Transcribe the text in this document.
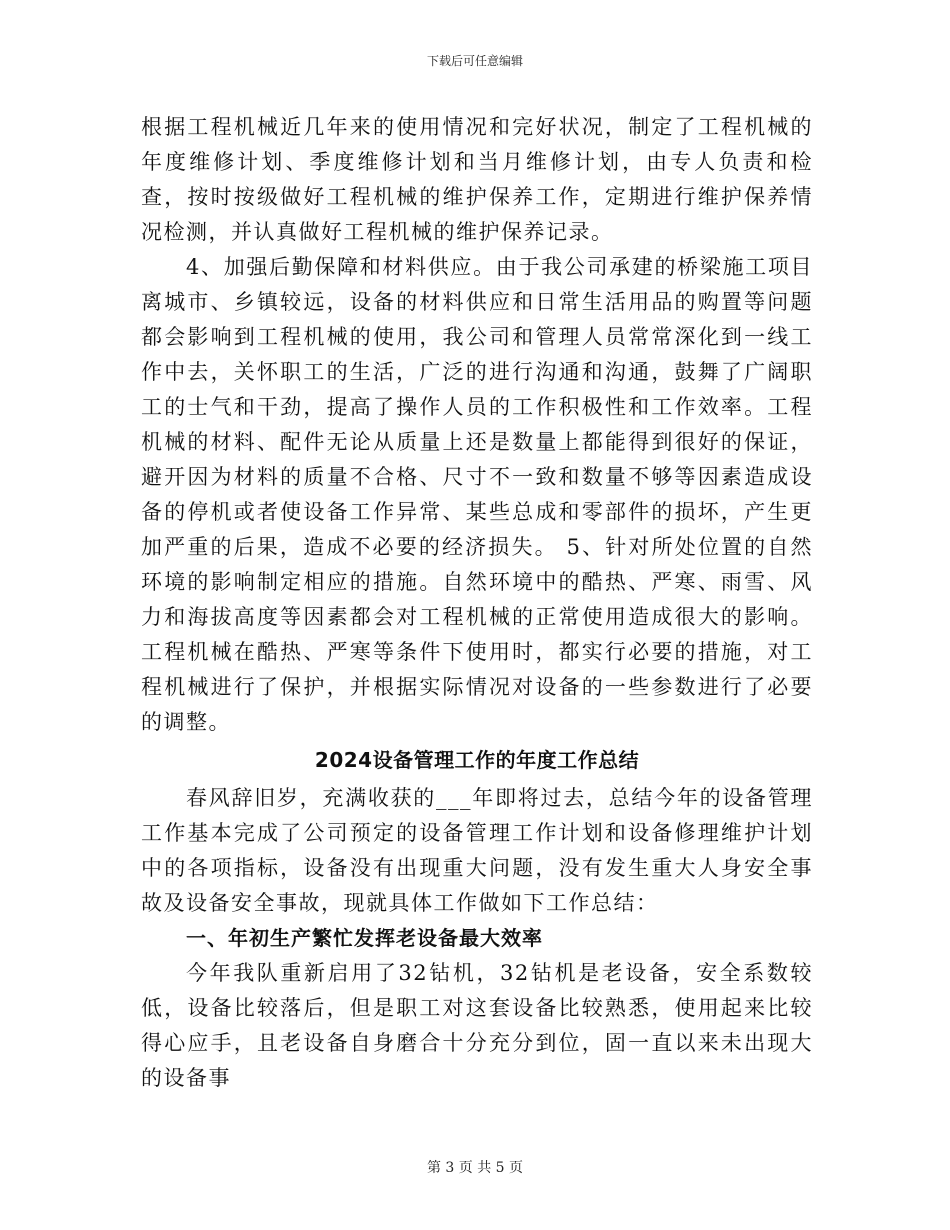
下载后可任意编辑

根据工程机械近几年来的使用情况和完好状况，制定了工程机械的年度维修计划、季度维修计划和当月维修计划，由专人负责和检查，按时按级做好工程机械的维护保养工作，定期进行维护保养情况检测，并认真做好工程机械的维护保养记录。

4、加强后勤保障和材料供应。由于我公司承建的桥梁施工项目离城市、乡镇较远，设备的材料供应和日常生活用品的购置等问题都会影响到工程机械的使用，我公司和管理人员常常深化到一线工作中去，关怀职工的生活，广泛的进行沟通和沟通，鼓舞了广阔职工的士气和干劲，提高了操作人员的工作积极性和工作效率。工程机械的材料、配件无论从质量上还是数量上都能得到很好的保证，避开因为材料的质量不合格、尺寸不一致和数量不够等因素造成设备的停机或者使设备工作异常、某些总成和零部件的损坏，产生更加严重的后果，造成不必要的经济损失。 5、针对所处位置的自然环境的影响制定相应的措施。自然环境中的酷热、严寒、雨雪、风力和海拔高度等因素都会对工程机械的正常使用造成很大的影响。工程机械在酷热、严寒等条件下使用时，都实行必要的措施，对工程机械进行了保护，并根据实际情况对设备的一些参数进行了必要的调整。

2024设备管理工作的年度工作总结

春风辞旧岁，充满收获的___年即将过去，总结今年的设备管理工作基本完成了公司预定的设备管理工作计划和设备修理维护计划中的各项指标，设备没有出现重大问题，没有发生重大人身安全事故及设备安全事故，现就具体工作做如下工作总结：

一、年初生产繁忙发挥老设备最大效率

今年我队重新启用了32钻机，32钻机是老设备，安全系数较低，设备比较落后，但是职工对这套设备比较熟悉，使用起来比较得心应手，且老设备自身磨合十分充分到位，固一直以来未出现大的设备事

第 3 页 共 5 页
